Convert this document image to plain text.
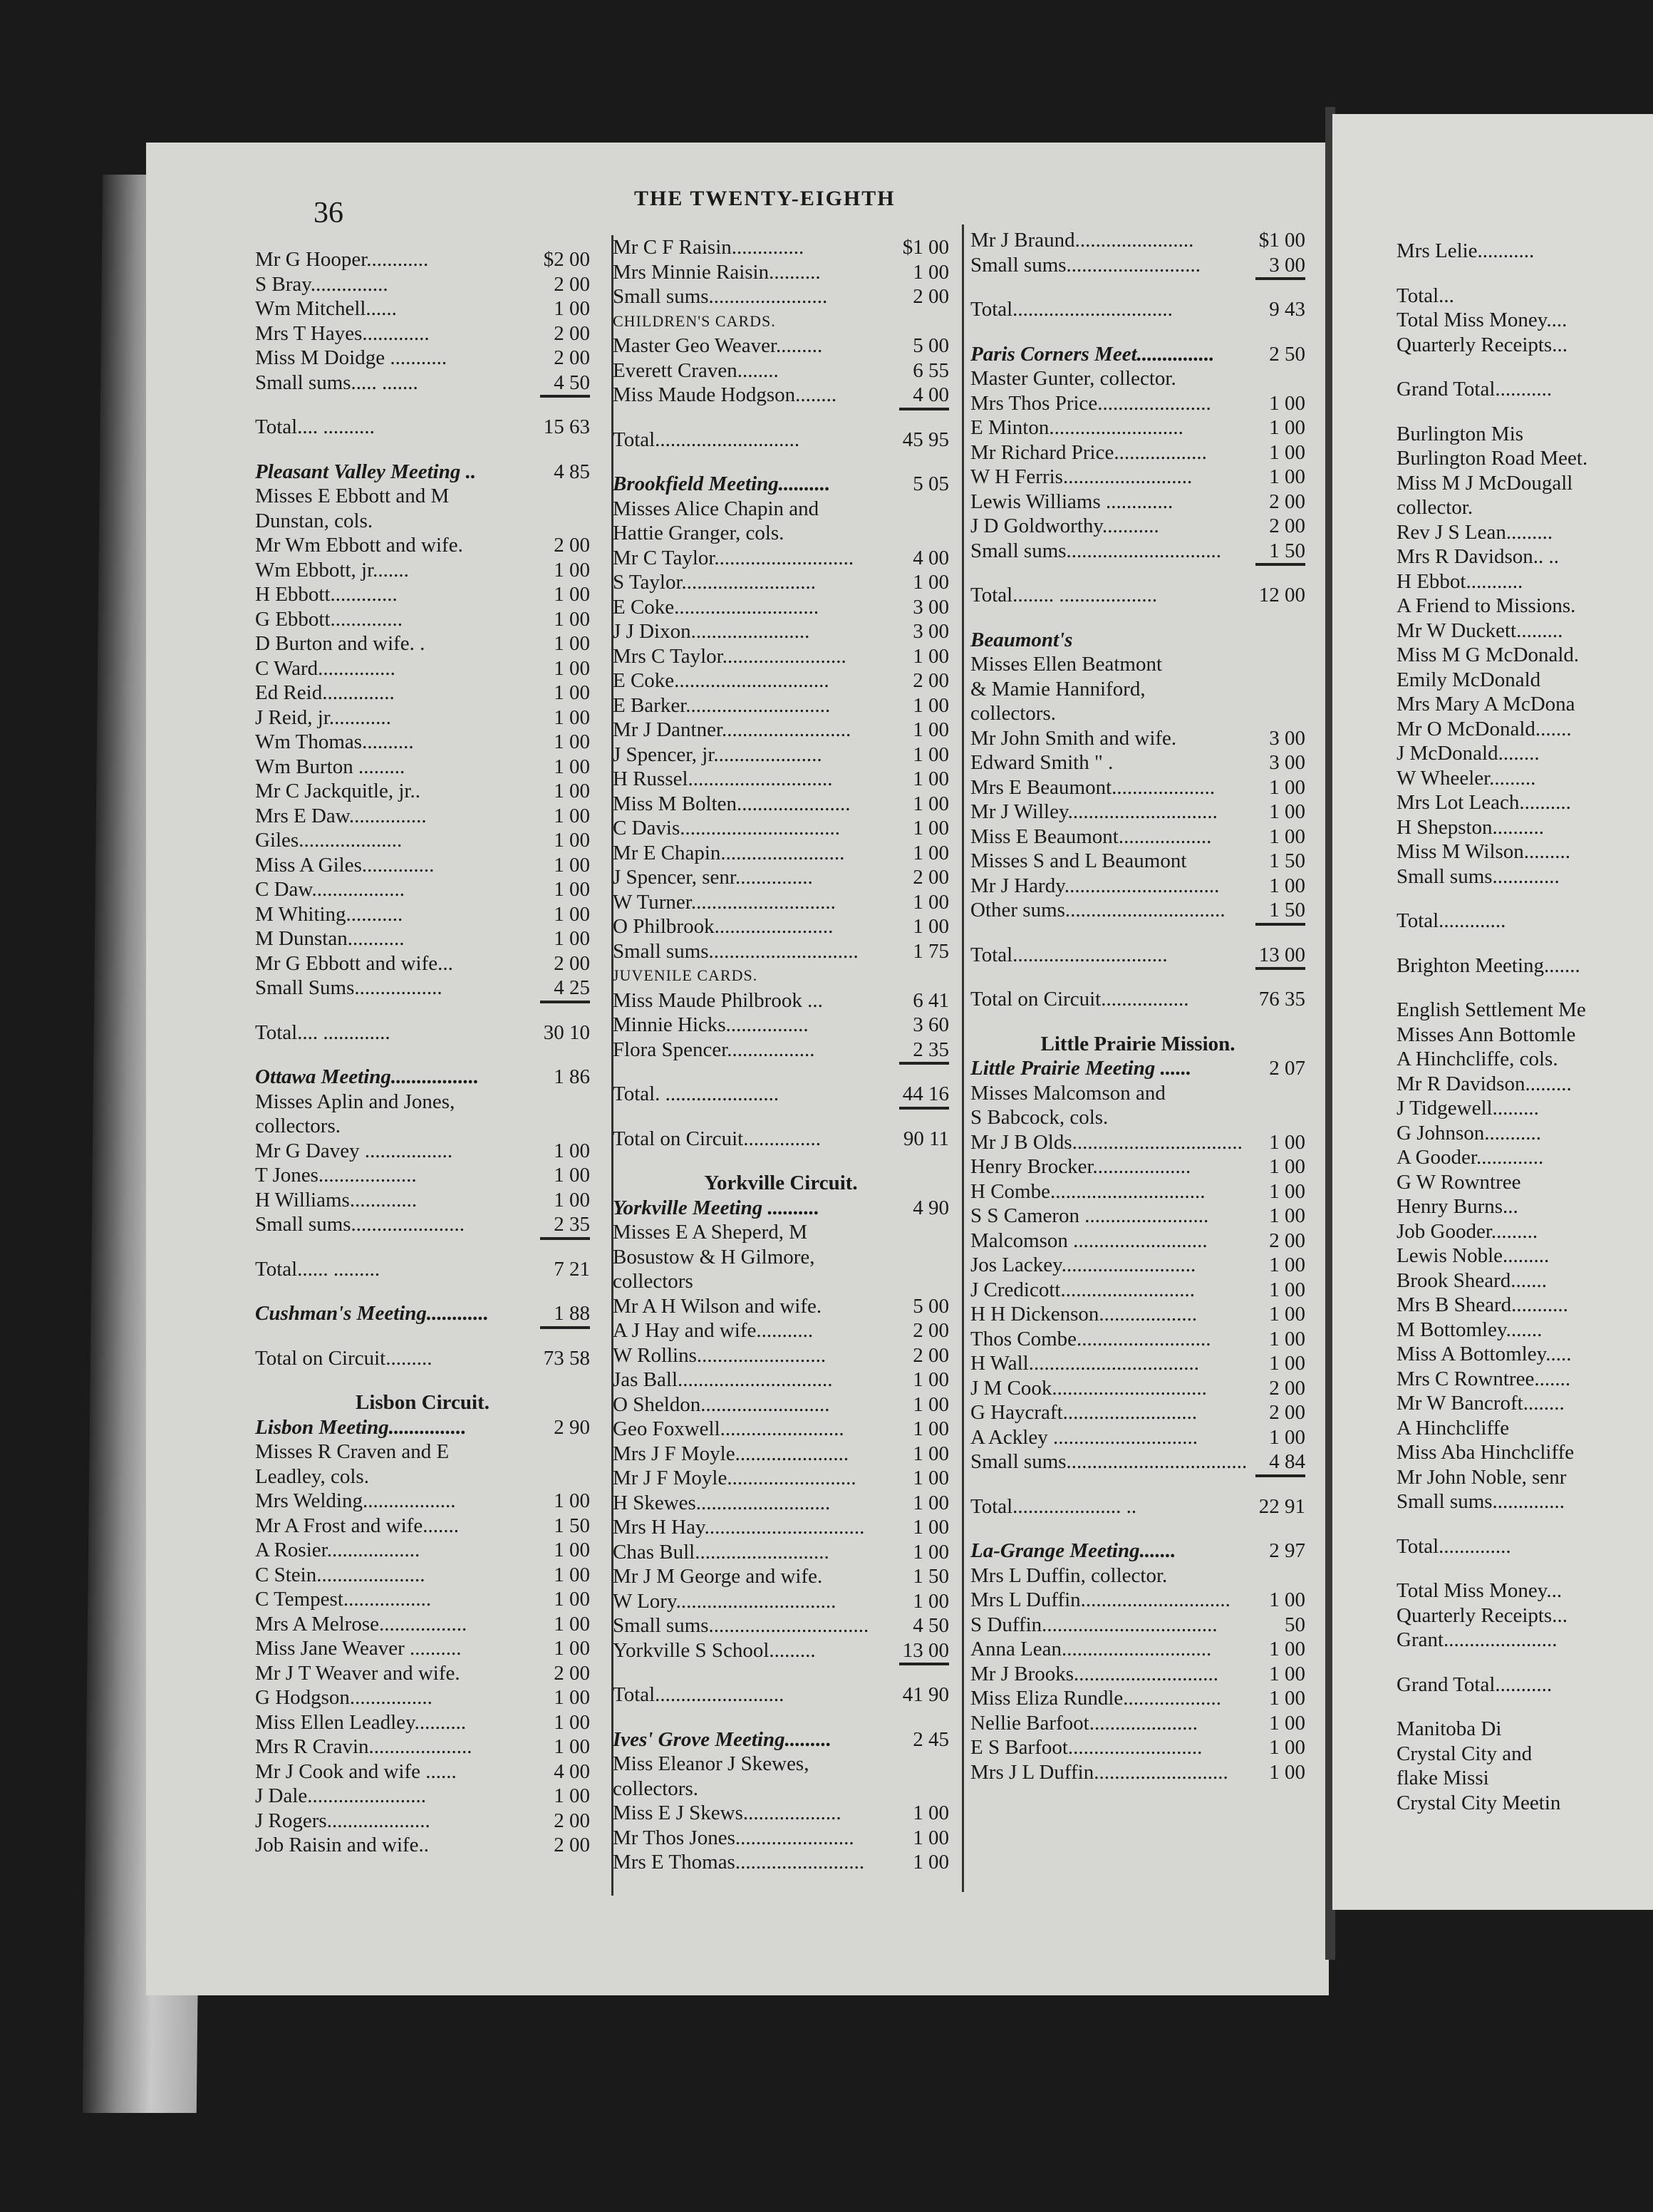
36	THE TWENTY-EIGHTH
Mr G Hooper............	$2 00
S Bray...............	2 00
Wm Mitchell......	1 00
Mrs T Hayes.............	2 00
Miss M Doidge ...........	2 00
Small sums..... .......	4 50
Total.... ..........	15 63
Pleasant Valley Meeting ..	4 85
Misses E Ebbott and M
Dunstan, cols.
Mr Wm Ebbott and wife.	2 00
Wm Ebbott, jr.......	1 00
H Ebbott.............	1 00
G Ebbott..............	1 00
D Burton and wife. .	1 00
C Ward...............	1 00
Ed Reid..............	1 00
J Reid, jr............	1 00
Wm Thomas..........	1 00
Wm Burton .........	1 00
Mr C Jackquitle, jr..	1 00
Mrs E Daw...............	1 00
Giles....................	1 00
Miss A Giles..............	1 00
C Daw..................	1 00
M Whiting...........	1 00
M Dunstan...........	1 00
Mr G Ebbott and wife...	2 00
Small Sums.................	4 25
Total.... .............	30 10
Ottawa Meeting.................	1 86
Misses Aplin and Jones,
collectors.
Mr G Davey .................	1 00
T Jones...................	1 00
H Williams.............	1 00
Small sums......................	2 35
Total...... .........	7 21
Cushman's Meeting............	1 88
Total on Circuit.........	73 58
Lisbon Circuit.
Lisbon Meeting...............	2 90
Misses R Craven and E
Leadley, cols.
Mrs Welding..................	1 00
Mr A Frost and wife.......	1 50
A Rosier..................	1 00
C Stein.....................	1 00
C Tempest.................	1 00
Mrs A Melrose.................	1 00
Miss Jane Weaver ..........	1 00
Mr J T Weaver and wife.	2 00
G Hodgson................	1 00
Miss Ellen Leadley..........	1 00
Mrs R Cravin....................	1 00
Mr J Cook and wife ......	4 00
J Dale.......................	1 00
J Rogers....................	2 00
Job Raisin and wife..	2 00
Mr C F Raisin..............	$1 00
Mrs Minnie Raisin..........	1 00
Small sums.......................	2 00
CHILDREN'S CARDS.
Master Geo Weaver.........	5 00
Everett Craven........	6 55
Miss Maude Hodgson........	4 00
Total............................	45 95
Brookfield Meeting..........	5 05
Misses Alice Chapin and
Hattie Granger, cols.
Mr C Taylor...........................	4 00
S Taylor..........................	1 00
E Coke............................	3 00
J J Dixon.......................	3 00
Mrs C Taylor........................	1 00
E Coke..............................	2 00
E Barker............................	1 00
Mr J Dantner.........................	1 00
J Spencer, jr.....................	1 00
H Russel............................	1 00
Miss M Bolten......................	1 00
C Davis...............................	1 00
Mr E Chapin........................	1 00
J Spencer, senr...............	2 00
W Turner............................	1 00
O Philbrook.......................	1 00
Small sums.............................	1 75
JUVENILE CARDS.
Miss Maude Philbrook ...	6 41
Minnie Hicks................	3 60
Flora Spencer.................	2 35
Total. ......................	44 16
Total on Circuit...............	90 11
Yorkville Circuit.
Yorkville Meeting ..........	4 90
Misses E A Sheperd, M
Bosustow & H Gilmore,
collectors
Mr A H Wilson and wife.	5 00
A J Hay and wife...........	2 00
W Rollins.........................	2 00
Jas Ball..............................	1 00
O Sheldon.........................	1 00
Geo Foxwell........................	1 00
Mrs J F Moyle......................	1 00
Mr J F Moyle.........................	1 00
H Skewes..........................	1 00
Mrs H Hay............................... 1 00
Chas Bull..........................	1 00
Mr J M George and wife.	1 50
W Lory...............................	1 00
Small sums............................... 4 50
Yorkville S School.........	13 00
Total.........................	41 90
Ives' Grove Meeting.........	2 45
Miss Eleanor J Skewes,
collectors.
Miss E J Skews...................	1 00
Mr Thos Jones.......................	1 00
Mrs E Thomas......................... 1 00
Mr J Braund.......................	$1 00
Small sums..........................	3 00
Total...............................	9 43
Paris Corners Meet...............	2 50
Master Gunter, collector.
Mrs Thos Price......................	1 00
E Minton..........................	1 00
Mr Richard Price..................	1 00
W H Ferris.........................	1 00
Lewis Williams .............	2 00
J D Goldworthy...........	2 00
Small sums.............................. 1 50
Total........ ...................	12 00
Beaumont's
Misses Ellen Beatmont
& Mamie Hanniford,
collectors.
Mr John Smith and wife.	3 00
Edward Smith " .	3 00
Mrs E Beaumont....................	1 00
Mr J Willey............................. 1 00
Miss E Beaumont..................	1 00
Misses S and L Beaumont	1 50
Mr J Hardy.............................. 1 00
Other sums............................... 1 50
Total..............................	13 00
Total on Circuit.................	76 35
Little Prairie Mission.
Little Prairie Meeting ......	2 07
Misses Malcomson and
S Babcock, cols.
Mr J B Olds................................. 1 00
Henry Brocker...................	1 00
H Combe..............................	1 00
S S Cameron ........................	1 00
Malcomson ..........................	2 00
Jos Lackey..........................	1 00
J Credicott..........................	1 00
H H Dickenson...................	1 00
Thos Combe..........................	1 00
H Wall.................................	1 00
J M Cook..............................	2 00
G Haycraft..........................	2 00
A Ackley ............................	1 00
Small sums................................... 4 84
Total..................... ..	22 91
La-Grange Meeting.......	2 97
Mrs L Duffin, collector.
Mrs L Duffin............................. 1 00
S Duffin..................................	50
Anna Lean.............................	1 00
Mr J Brooks............................ 1 00
Miss Eliza Rundle................... 1 00
Nellie Barfoot.....................	1 00
E S Barfoot..........................	1 00
Mrs J L Duffin.......................... 1 00
Mrs Lelie...........
Total...
Total Miss Money....
Quarterly Receipts...
Grand Total...........
Burlington Mis
Burlington Road Meet.
Miss M J McDougall
collector.
Rev J S Lean.........
Mrs R Davidson.. ..
H Ebbot...........
A Friend to Missions.
Mr W Duckett.........
Miss M G McDonald.
Emily McDonald
Mrs Mary A McDona
Mr O McDonald.......
J McDonald........
W Wheeler.........
Mrs Lot Leach..........
H Shepston..........
Miss M Wilson.........
Small sums.............
Total.............
Brighton Meeting.......
English Settlement Me
Misses Ann Bottomle
A Hinchcliffe, cols.
Mr R Davidson.........
J Tidgewell.........
G Johnson...........
A Gooder.............
G W Rowntree
Henry Burns...
Job Gooder.........
Lewis Noble.........
Brook Sheard.......
Mrs B Sheard...........
M Bottomley.......
Miss A Bottomley.....
Mrs C Rowntree.......
Mr W Bancroft........
A Hinchcliffe
Miss Aba Hinchcliffe
Mr John Noble, senr
Small sums..............
Total..............
Total Miss Money...
Quarterly Receipts...
Grant......................
Grand Total...........
Manitoba Di
Crystal City and
flake Missi
Crystal City Meetin
